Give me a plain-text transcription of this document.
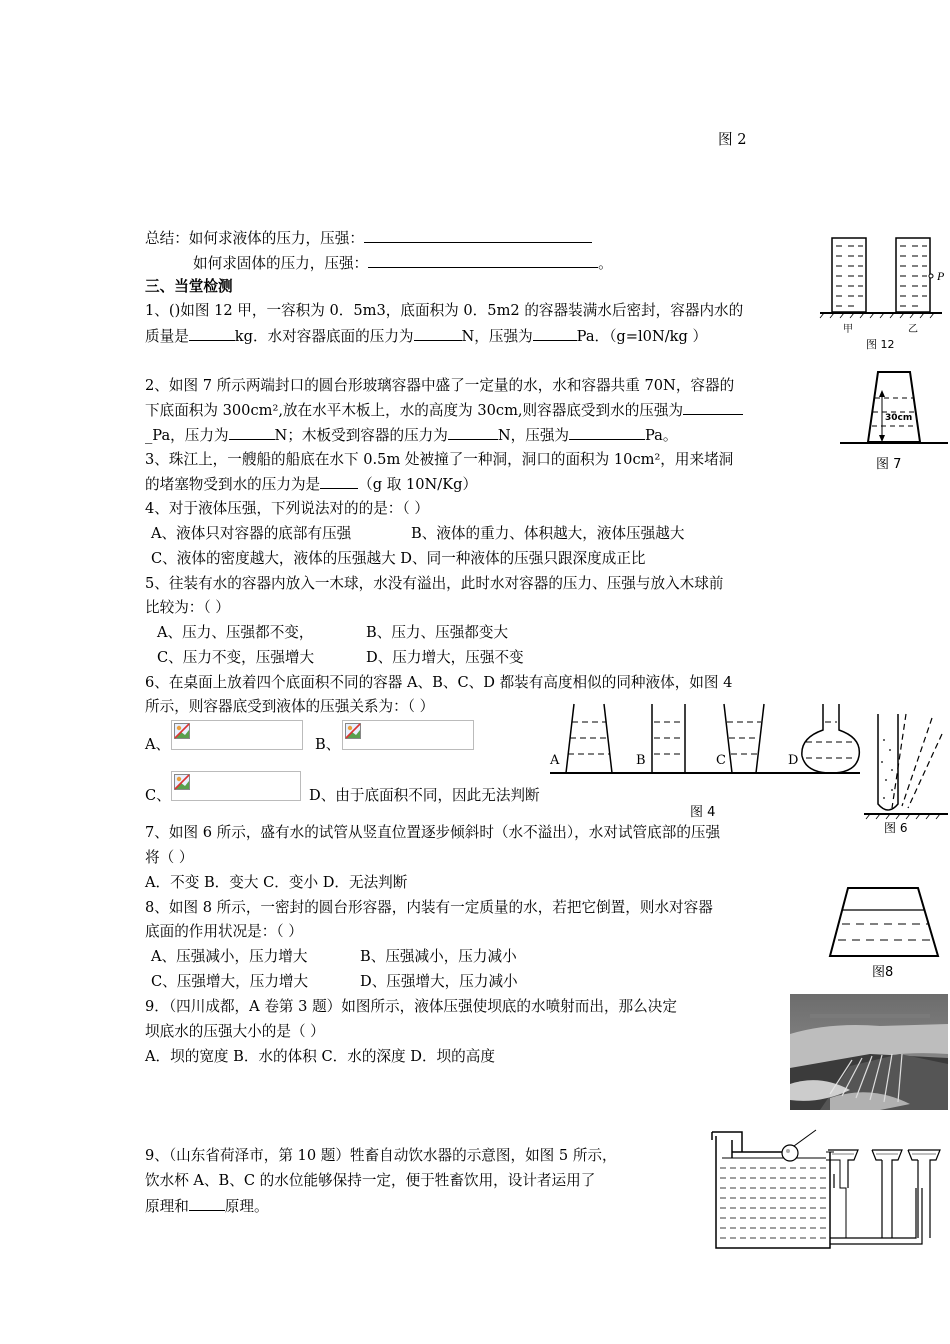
图 2
总结：如何求液体的压力，压强：
如何求固体的压力，压强：	。
三、当堂检测
1、()如图 12 甲，一容积为 0．5m3，底面积为 0．5m2 的容器装满水后密封，容器内水的
质量是	kg．水对容器底面的压力为	N，压强为	Pa．（g=l0N/kg ）
2、如图 7 所示两端封口的圆台形玻璃容器中盛了一定量的水，水和容器共重 70N，容器的
下底面积为 300cm²,放在水平木板上，水的高度为 30cm,则容器底受到水的压强为
_Pa，压力为	N；木板受到容器的压力为	N，压强为	Pa。
3、珠江上，一艘船的船底在水下 0.5m 处被撞了一种洞，洞口的面积为 10cm²，用来堵洞
的堵塞物受到水的压力为是	（g 取 10N/Kg）
4、对于液体压强，下列说法对的的是：（ ）
A、液体只对容器的底部有压强	B、液体的重力、体积越大，液体压强越大
C、液体的密度越大，液体的压强越大 D、同一种液体的压强只跟深度成正比
5、往装有水的容器内放入一木球，水没有溢出，此时水对容器的压力、压强与放入木球前
比较为：（ ）
A、压力、压强都不变，	B、压力、压强都变大
C、压力不变，压强增大	D、压力增大，压强不变
6、在桌面上放着四个底面积不同的容器 A、B、C、D 都装有高度相似的同种液体，如图 4
所示，则容器底受到液体的压强关系为：（ ）
A、	B、
C、	D、由于底面积不同，因此无法判断
7、如图 6 所示，盛有水的试管从竖直位置逐步倾斜时（水不溢出），水对试管底部的压强
将（ ）
A．不变 B．变大 C．变小 D．无法判断
8、如图 8 所示，一密封的圆台形容器，内装有一定质量的水，若把它倒置，则水对容器
底面的作用状况是：（ ）
A、压强减小，压力增大	B、压强减小，压力减小
C、压强增大，压力增大	D、压强增大，压力减小
9．（四川成都，A 卷第 3 题）如图所示，液体压强使坝底的水喷射而出，那么决定
坝底水的压强大小的是（ ）
A．坝的宽度 B．水的体积 C．水的深度 D．坝的高度
9、（山东省荷泽市，第 10 题）牲畜自动饮水器的示意图，如图 5 所示，
饮水杯 A、B、C 的水位能够保持一定，便于牲畜饮用，设计者运用了
原理和 原理。
P
甲	乙
图 12
30cm
图 7
A	B	C	D
图 4
图 6
图8
